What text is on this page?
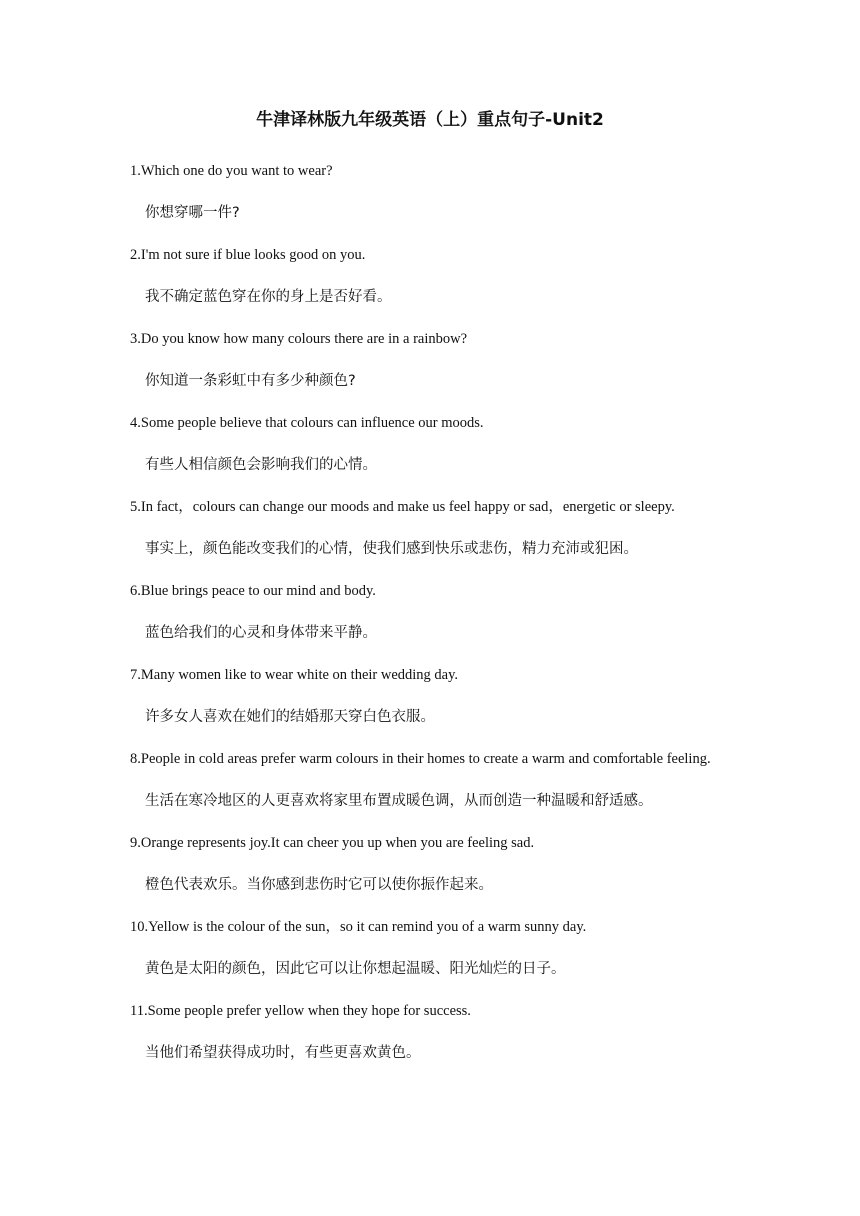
牛津译林版九年级英语（上）重点句子-Unit2

1.Which one do you want to wear?

你想穿哪一件?

2.I'm not sure if blue looks good on you.

我不确定蓝色穿在你的身上是否好看。

3.Do you know how many colours there are in a rainbow?

你知道一条彩虹中有多少种颜色?

4.Some people believe that colours can influence our moods.

有些人相信颜色会影响我们的心情。

5.In fact，colours can change our moods and make us feel happy or sad，energetic or sleepy.

事实上，颜色能改变我们的心情，使我们感到快乐或悲伤，精力充沛或犯困。

6.Blue brings peace to our mind and body.

蓝色给我们的心灵和身体带来平静。

7.Many women like to wear white on their wedding day.

许多女人喜欢在她们的结婚那天穿白色衣服。

8.People in cold areas prefer warm colours in their homes to create a warm and comfortable feeling.

生活在寒冷地区的人更喜欢将家里布置成暖色调，从而创造一种温暖和舒适感。

9.Orange represents joy.It can cheer you up when you are feeling sad.

橙色代表欢乐。当你感到悲伤时它可以使你振作起来。

10.Yellow is the colour of the sun，so it can remind you of a warm sunny day.

黄色是太阳的颜色，因此它可以让你想起温暖、阳光灿烂的日子。

11.Some people prefer yellow when they hope for success.

当他们希望获得成功时，有些更喜欢黄色。
